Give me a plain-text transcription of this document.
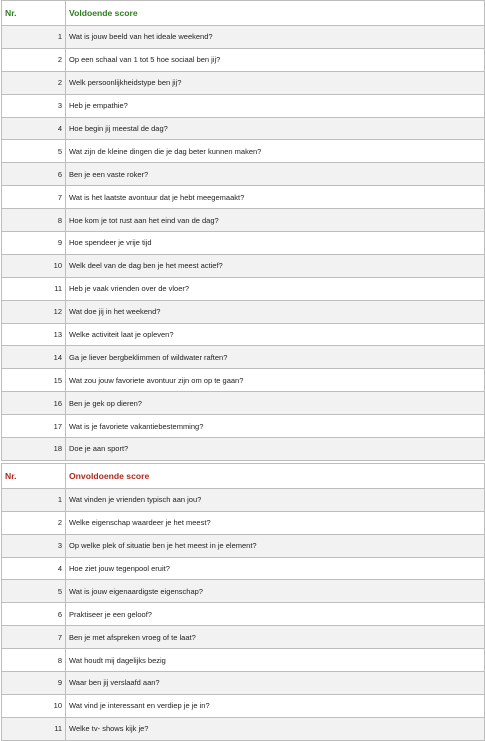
Nr.	Voldoende score
1	Wat is jouw beeld van het ideale weekend?
2	Op een schaal van 1 tot 5 hoe sociaal ben jij?
2	Welk persoonlijkheidstype ben jij?
3	Heb je empathie?
4	Hoe begin jij meestal de dag?
5	Wat zijn de kleine dingen die je dag beter kunnen maken?
6	Ben je een vaste roker?
7	Wat is het laatste avontuur dat je hebt meegemaakt?
8	Hoe kom je tot rust aan het eind van de dag?
9	Hoe spendeer je vrije tijd
10	Welk deel van de dag ben je het meest actief?
11	Heb je vaak vrienden over de vloer?
12	Wat doe jij in het weekend?
13	Welke activiteit laat je opleven?
14	Ga je liever bergbeklimmen of wildwater raften?
15	Wat zou jouw favoriete avontuur zijn om op te gaan?
16	Ben je gek op dieren?
17	Wat is je favoriete vakantiebestemming?
18	Doe je aan sport?
Nr.	Onvoldoende score
1	Wat vinden je vrienden typisch aan jou?
2	Welke eigenschap waardeer je het meest?
3	Op welke plek of situatie ben je het meest in je element?
4	Hoe ziet jouw tegenpool eruit?
5	Wat is jouw eigenaardigste eigenschap?
6	Praktiseer je een geloof?
7	Ben je met afspreken vroeg of te laat?
8	Wat houdt mij dagelijks bezig
9	Waar ben jij verslaafd aan?
10	Wat vind je interessant en verdiep je je in?
11	Welke tv- shows kijk je?
